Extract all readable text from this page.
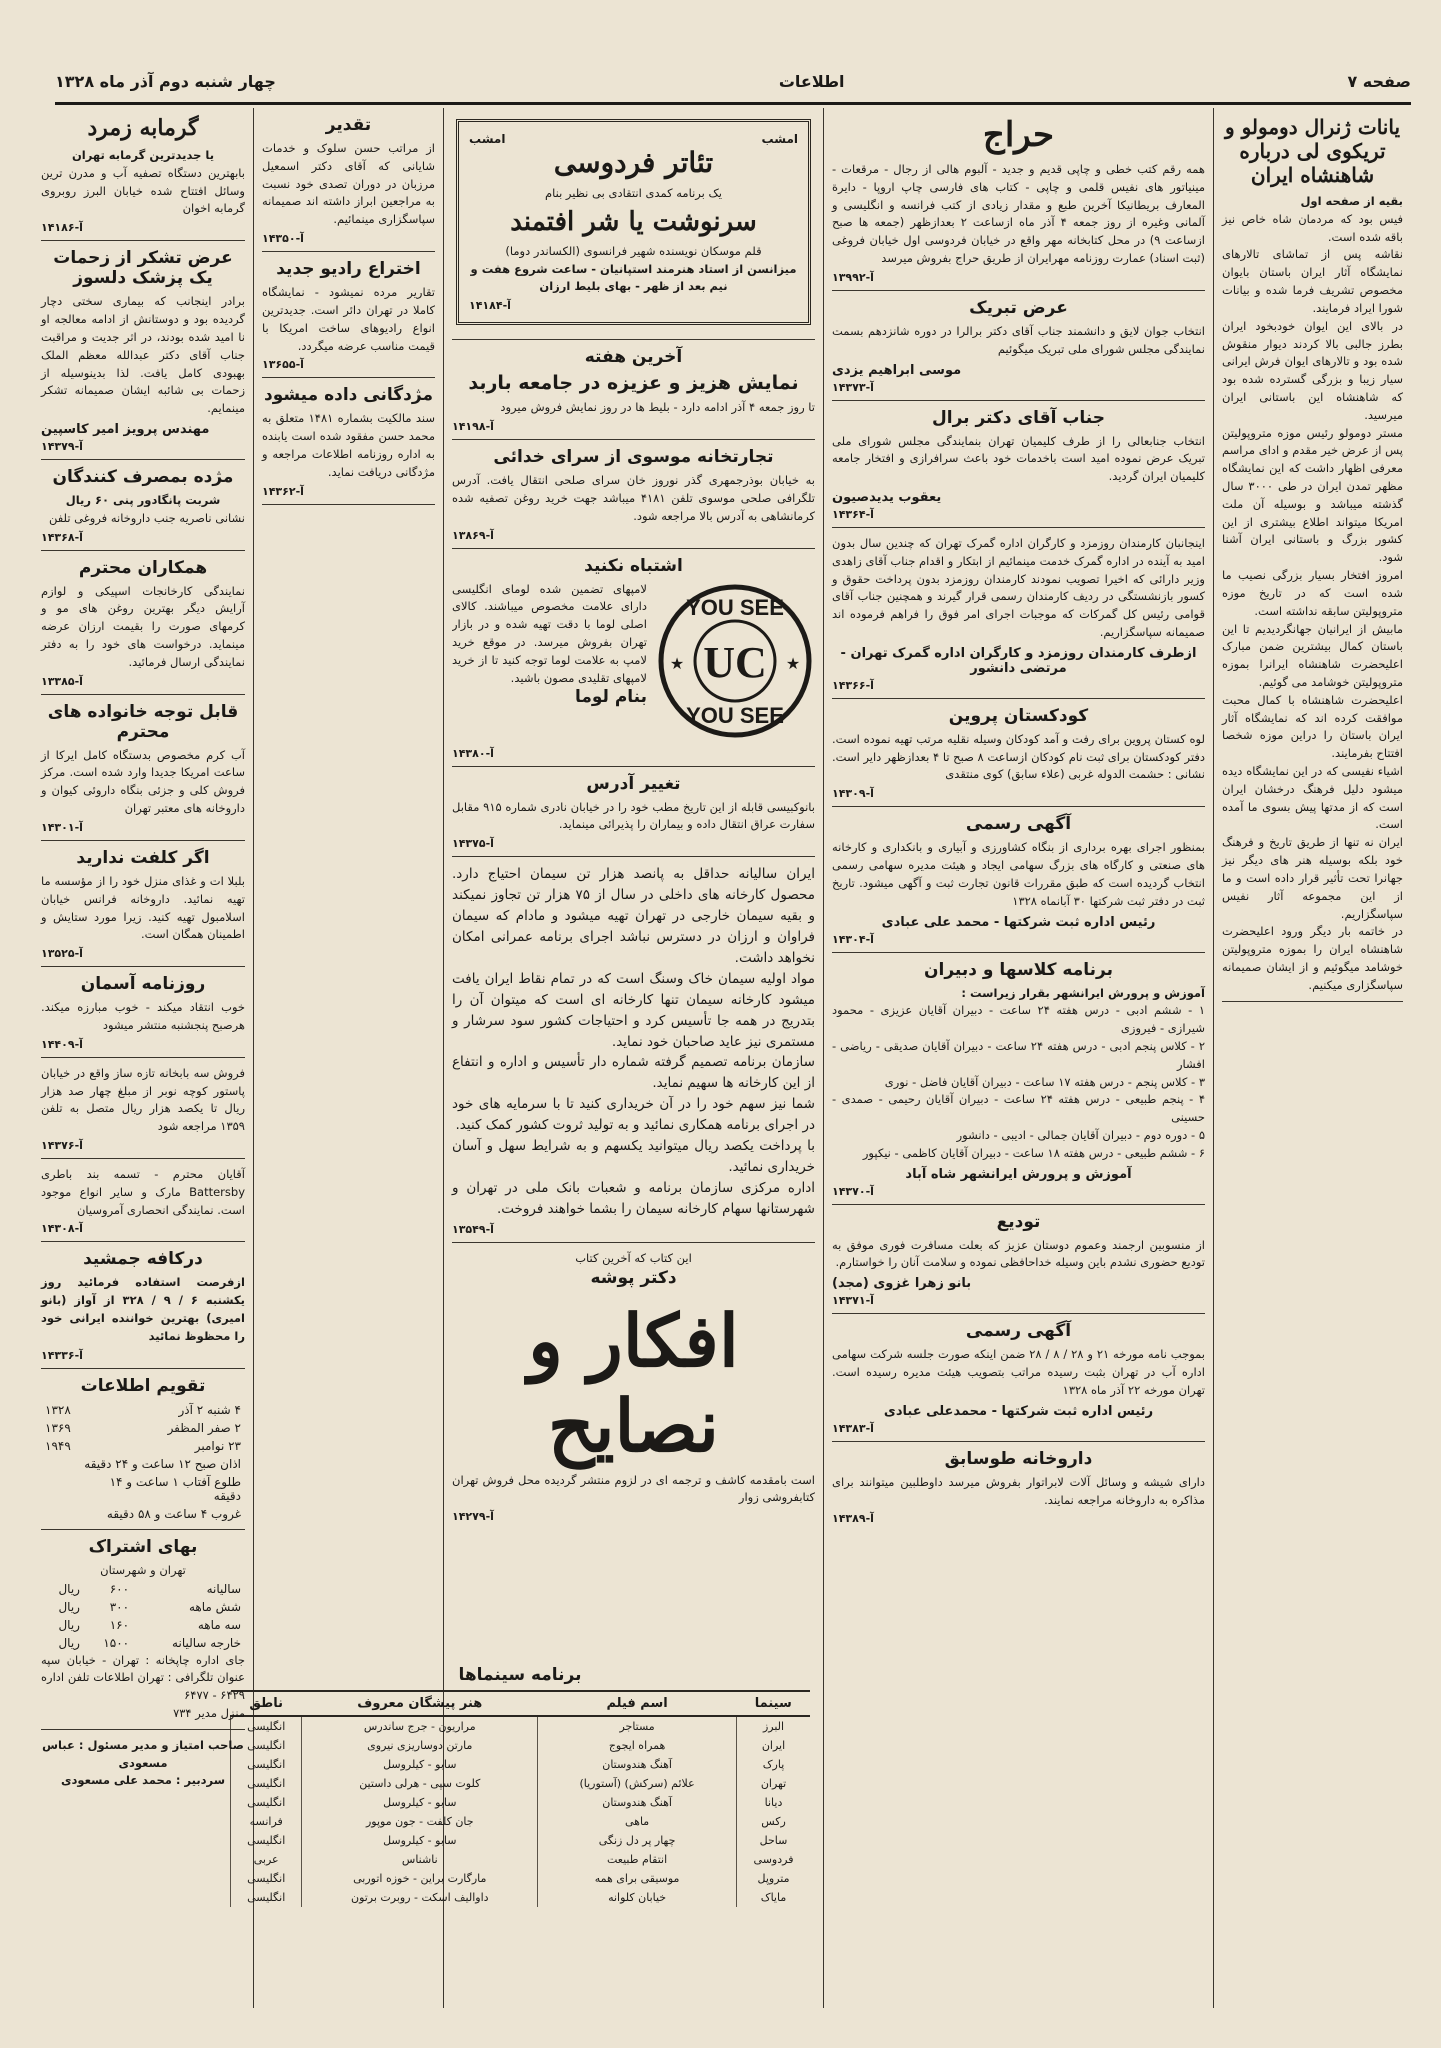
صفحه ۷
اطلاعات
چهار شنبه دوم آذر ماه ۱۳۲۸
یانات ژنرال دومولو و تریکوی لی درباره شاهنشاه ایران
بقیه از صفحه اول

فیس بود که مردمان شاه خاص نیز باقه شده است.

نقاشه پس از تماشای تالارهای نمایشگاه آثار ایران باستان بایوان مخصوص تشریف فرما شده و بیانات شورا ایراد فرمایند.

در بالای این ایوان خودبخود ایران بطرز جالبی بالا کردند دیوار منقوش شده بود و تالارهای ایوان فرش ایرانی سیار زیبا و بزرگی گسترده شده بود که شاهنشاه این باستانی ایران میرسید.

مستر دومولو رئیس موزه متروپولیتن پس از عرض خیر مقدم و ادای مراسم معرفی اظهار داشت که این نمایشگاه مظهر تمدن ایران در طی ۳۰۰۰ سال گذشته میباشد و بوسیله آن ملت امریکا میتواند اطلاع بیشتری از این کشور بزرگ و باستانی ایران آشنا شود.

امروز افتخار بسیار بزرگی نصیب ما شده است که در تاریخ موزه متروپولیتن سابقه نداشته است.

مابیش از ایرانیان جهانگردیدیم تا این باستان کمال بیشترین ضمن مبارک اعلیحضرت شاهنشاه ایرانرا بموزه متروپولیتن خوشامد می گوئیم.

اعلیحضرت شاهنشاه با کمال محبت موافقت کرده اند که نمایشگاه آثار ایران باستان را دراین موزه شخصا افتتاح بفرمایند.

اشیاء نفیسی که در این نمایشگاه دیده میشود دلیل فرهنگ درخشان ایران است که از مدتها پیش بسوی ما آمده است.

ایران نه تنها از طریق تاریخ و فرهنگ خود بلکه بوسیله هنر های دیگر نیز جهانرا تحت تأثیر قرار داده است و ما از این مجموعه آثار نفیس سپاسگزاریم.

در خاتمه بار دیگر ورود اعلیحضرت شاهنشاه ایران را بموزه متروپولیتن خوشامد میگوئیم و از ایشان صمیمانه سپاسگزاری میکنیم.

حراج

همه رقم کتب خطی و چاپی قدیم و جدید - آلبوم هالی از رجال - مرقعات - مینیاتور های نفیس قلمی و چاپی - کتاب های فارسی چاپ اروپا - دایرة المعارف بریطانیکا آخرین طبع و مقدار زیادی از کتب فرانسه و انگلیسی و آلمانی وغیره از روز جمعه ۴ آذر ماه ازساعت ۲ بعدازظهر (جمعه ها صبح ازساعت ۹) در محل کتابخانه مهر واقع در خیابان فردوسی اول خیابان فروغی (ثبت اسناد) عمارت روزنامه مهرایران از طریق حراج بفروش میرسد

آ-۱۳۹۹۲
عرض تبریک

انتخاب جوان لایق و دانشمند جناب آقای دکتر برالرا در دوره شانزدهم بسمت نمایندگی مجلس شورای ملی تبریک میگوئیم

موسی ابراهیم یزدی
آ-۱۴۳۷۳
جناب آقای دکتر برال

انتخاب جنابعالی را از طرف کلیمیان تهران بنمایندگی مجلس شورای ملی تبریک عرض نموده امید است باخدمات خود باعث سرافرازی و افتخار جامعه کلیمیان ایران گردید.

یعقوب یدیدصیون
آ-۱۴۳۶۴

اینجانبان کارمندان روزمزد و کارگران اداره گمرک تهران که چندین سال بدون امید به آینده در اداره گمرک خدمت مینمائیم از ابتکار و اقدام جناب آقای زاهدی وزیر دارائی که اخیرا تصویب نمودند کارمندان روزمزد بدون پرداخت حقوق و کسور بازنشستگی در ردیف کارمندان رسمی قرار گیرند و همچنین جناب آقای قوامی رئیس کل گمرکات که موجبات اجرای امر فوق را فراهم فرموده اند صمیمانه سپاسگزاریم.

ازطرف کارمندان روزمزد و کارگران اداره گمرک تهران - مرتضی دانشور
آ-۱۴۳۶۶
کودکستان پروین

لوه کستان پروین برای رفت و آمد کودکان وسیله نقلیه مرتب تهیه نموده است. دفتر کودکستان برای ثبت نام کودکان ازساعت ۸ صبح تا ۴ بعدازظهر دایر است. نشانی : حشمت الدوله غربی (علاء سابق) کوی منتقدی

آ-۱۴۳۰۹
آگهی رسمی

بمنظور اجرای بهره برداری از بنگاه کشاورزی و آبیاری و بانکداری و کارخانه های صنعتی و کارگاه های بزرگ سهامی ایجاد و هیئت مدیره سهامی رسمی انتخاب گردیده است که طبق مقررات قانون تجارت ثبت و آگهی میشود. تاریخ ثبت در دفتر ثبت شرکتها ۳۰ آبانماه ۱۳۲۸

رئیس اداره ثبت شرکتها - محمد علی عبادی
آ-۱۴۳۰۴
برنامه کلاسها و دبیران
آموزش و پرورش ایرانشهر بقرار زیراست :

۱ - ششم ادبی - درس هفته ۲۴ ساعت - دبیران آقایان عزیزی - محمود شیرازی - فیروزی

۲ - کلاس پنجم ادبی - درس هفته ۲۴ ساعت - دبیران آقایان صدیقی - ریاضی - افشار

۳ - کلاس پنجم - درس هفته ۱۷ ساعت - دبیران آقایان فاضل - نوری

۴ - پنجم طبیعی - درس هفته ۲۴ ساعت - دبیران آقایان رحیمی - صمدی - حسینی

۵ - دوره دوم - دبیران آقایان جمالی - ادیبی - دانشور

۶ - ششم طبیعی - درس هفته ۱۸ ساعت - دبیران آقایان کاظمی - نیکپور

آموزش و پرورش ایرانشهر شاه آباد
آ-۱۴۳۷۰
تودیع

از منسوبین ارجمند وعموم دوستان عزیز که بعلت مسافرت فوری موفق به تودیع حضوری نشدم باین وسیله خداحافظی نموده و سلامت آنان را خواستارم.

بانو زهرا غزوی (مجد)
آ-۱۴۳۷۱
آگهی رسمی

بموجب نامه مورخه ۲۱ و ۲۸ / ۸ / ۲۸ ضمن اینکه صورت جلسه شرکت سهامی اداره آب در تهران بثبت رسیده مراتب بتصویب هیئت مدیره رسیده است. تهران مورخه ۲۲ آذر ماه ۱۳۲۸

رئیس اداره ثبت شرکتها - محمدعلی عبادی
آ-۱۴۳۸۳
داروخانه طوسابق

دارای شیشه و وسائل آلات لابراتوار بفروش میرسد داوطلبین میتوانند برای مذاکره به داروخانه مراجعه نمایند.

آ-۱۴۳۸۹
امشب
امشب
تئاتر فردوسی
یک برنامه کمدی انتقادی بی نظیر بنام
سرنوشت یا شر افتمند
قلم موسکان نویسنده شهیر فرانسوی (الکساندر دوما)
میزانسن از استاد هنرمند استپانیان - ساعت شروع هفت و نیم بعد از ظهر - بهای بلیط ارزان
آ-۱۴۱۸۴
آخرین هفته
نمایش هزیز و عزیزه در جامعه باربد

تا روز جمعه ۴ آذر ادامه دارد - بلیط ها در روز نمایش فروش میرود

آ-۱۴۱۹۸
تجارتخانه موسوی از سرای خدائی

به خیابان بوذرجمهری گذر نوروز خان سرای صلحی انتقال یافت. آدرس تلگرافی صلحی موسوی تلفن ۴۱۸۱ میباشد جهت خرید روغن تصفیه شده کرمانشاهی به آدرس بالا مراجعه شود.

آ-۱۳۸۶۹
اشتباه نکنید
YOU SEE
YOU SEE
UC
★	★

لامپهای تضمین شده لومای انگلیسی دارای علامت مخصوص میباشند. کالای اصلی لوما با دقت تهیه شده و در بازار تهران بفروش میرسد. در موقع خرید لامپ به علامت لوما توجه کنید تا از خرید لامپهای تقلیدی مصون باشید.

بنام لوما
آ-۱۴۳۸۰
تغییر آدرس

بانوکبیسی قابله از این تاریخ مطب خود را در خیابان نادری شماره ۹۱۵ مقابل سفارت عراق انتقال داده و بیماران را پذیرائی مینماید.

آ-۱۴۳۷۵

ایران سالیانه حداقل به پانصد هزار تن سیمان احتیاج دارد. محصول کارخانه های داخلی در سال از ۷۵ هزار تن تجاوز نمیکند و بقیه سیمان خارجی در تهران تهیه میشود و مادام که سیمان فراوان و ارزان در دسترس نباشد اجرای برنامه عمرانی امکان نخواهد داشت.

مواد اولیه سیمان خاک وسنگ است که در تمام نقاط ایران یافت میشود کارخانه سیمان تنها کارخانه ای است که میتوان آن را بتدریج در همه جا تأسیس کرد و احتیاجات کشور سود سرشار و مستمری نیز عاید صاحبان خود نماید.

سازمان برنامه تصمیم گرفته شماره دار تأسیس و اداره و انتفاع از این کارخانه ها سهیم نماید.

شما نیز سهم خود را در آن خریداری کنید تا با سرمایه های خود در اجرای برنامه همکاری نمائید و به تولید ثروت کشور کمک کنید.

با پرداخت یکصد ریال میتوانید یکسهم و به شرایط سهل و آسان خریداری نمائید.

اداره مرکزی سازمان برنامه و شعبات بانک ملی در تهران و شهرستانها سهام کارخانه سیمان را بشما خواهند فروخت.

آ-۱۳۵۴۹
این کتاب که آخرین کتاب
دکتر پوشه
افکار و نصایح

است بامقدمه کاشف و ترجمه ای در لزوم منتشر گردیده محل فروش تهران کتابفروشی زوار

آ-۱۴۲۷۹
تقدیر

از مراتب حسن سلوک و خدمات شایانی که آقای دکتر اسمعیل مرزبان در دوران تصدی خود نسبت به مراجعین ابراز داشته اند صمیمانه سپاسگزاری مینمائیم.

آ-۱۴۳۵۰
اختراع رادیو جدید

تقاریر مرده نمیشود - نمایشگاه کاملا در تهران دائر است. جدیدترین انواع رادیوهای ساخت امریکا با قیمت مناسب عرضه میگردد.

آ-۱۳۶۵۵
مژدگانی داده میشود

سند مالکیت بشماره ۱۴۸۱ متعلق به محمد حسن مفقود شده است یابنده به اداره روزنامه اطلاعات مراجعه و مژدگانی دریافت نماید.

آ-۱۴۳۶۲
برنامه سینماها
سینما	اسم فیلم	هنر پیشگان معروف	ناطق
البرز	مستاجر	مراریون - جرج ساندرس	انگلیسی
ایران	همراه ایجوج	مارتن دوساریزی نیروی	انگلیسی
پارک	آهنگ هندوستان	سابو - کیلروسل	انگلیسی
تهران	علائم (سرکش) (آستوریا)	کلوت سپی - هرلی داستین	انگلیسی
دیانا	آهنگ هندوستان	سابو - کیلروسل	انگلیسی
رکس	ماهی	جان کلفت - جون موپور	فرانسه
ساحل	چهار پر دل زنگی	سابو - کیلروسل	انگلیسی
فردوسی	انتقام طبیعت	ناشناس	عربی
متروپل	موسیقی برای همه	مارگارت براین - خوزه اتوربی	انگلیسی
مایاک	خیابان کلوانه	داوالیف اسکت - روبرت برتون	انگلیسی
گرمابه زمرد
یا جدیدترین گرمابه تهران

بابهترین دستگاه تصفیه آب و مدرن ترین وسائل افتتاح شده خیابان البرز روبروی گرمابه اخوان

آ-۱۴۱۸۶
عرض تشکر از زحمات یک پزشک دلسوز

برادر اینجانب که بیماری سختی دچار گردیده بود و دوستانش از ادامه معالجه او نا امید شده بودند، در اثر جدیت و مراقبت جناب آقای دکتر عبدالله معظم الملک بهبودی کامل یافت. لذا بدینوسیله از زحمات بی شائبه ایشان صمیمانه تشکر مینمایم.

مهندس پرویز امیر کاسپین
آ-۱۴۳۷۹
مژده بمصرف کنندگان
شربت پانگادور پنی ۶۰ ریال

نشانی ناصریه جنب داروخانه فروغی تلفن

آ-۱۴۳۶۸
همکاران محترم

نمایندگی کارخانجات اسپیکی و لوازم آرایش دیگر بهترین روغن های مو و کرمهای صورت را بقیمت ارزان عرضه مینماید. درخواست های خود را به دفتر نمایندگی ارسال فرمائید.

آ-۱۳۳۸۵
قابل توجه خانواده های محترم

آب کرم مخصوص بدستگاه کامل ایرکا از ساعت امریکا جدیدا وارد شده است. مرکز فروش کلی و جزئی بنگاه داروئی کیوان و داروخانه های معتبر تهران

آ-۱۴۳۰۱
اگر کلفت ندارید

بلبلا ات و غذای منزل خود را از مؤسسه ما تهیه نمائید. داروخانه فرانس خیابان اسلامبول تهیه کنید. زیرا مورد ستایش و اطمینان همگان است.

آ-۱۳۵۲۵
روزنامه آسمان

خوب انتقاد میکند - خوب مبارزه میکند. هرصبح پنجشنبه منتشر میشود

آ-۱۴۴۰۹

فروش سه بابخانه تازه ساز واقع در خیابان پاستور کوچه نوبر از مبلغ چهار صد هزار ریال تا یکصد هزار ریال متصل به تلفن ۱۳۵۹ مراجعه شود

آ-۱۴۳۷۶

آقایان محترم - تسمه بند باطری Battersby مارک و سایر انواع موجود است. نمایندگی انحصاری آمروسیان

آ-۱۴۳۰۸
درکافه جمشید

ازفرصت استفاده فرمائید روز یکشنبه ۶ / ۹ / ۳۲۸ از آواز (بانو امیری) بهترین خواننده ایرانی خود را محظوظ نمائید

آ-۱۴۳۳۶
تقویم اطلاعات
۴ شنبه ۲ آذر	۱۳۲۸
۲ صفر المظفر	۱۳۶۹
۲۳ نوامبر	۱۹۴۹
اذان صبح ۱۲ ساعت و ۲۴ دقیقه	
طلوع آفتاب ۱ ساعت و ۱۴ دقیقه	
غروب ۴ ساعت و ۵۸ دقیقه	
بهای اشتراک
تهران و شهرستان
سالیانه	۶۰۰	ریال
شش ماهه	۳۰۰	ریال
سه ماهه	۱۶۰	ریال
خارجه سالیانه	۱۵۰۰	ریال

جای اداره چاپخانه : تهران - خیابان سپه عنوان تلگرافی : تهران اطلاعات تلفن اداره ۶۴۲۹ - ۶۴۷۷

منزل مدیر ۷۳۴
صاحب امتیاز و مدیر مسئول : عباس مسعودی
سردبیر : محمد علی مسعودی
